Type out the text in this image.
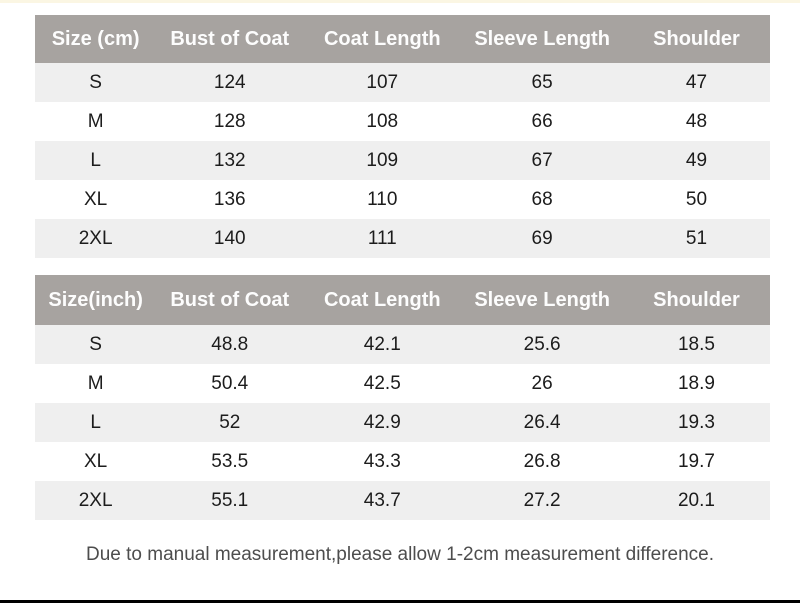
Size (cm)	Bust of Coat	Coat Length	Sleeve Length	Shoulder
S	124	107	65	47
M	128	108	66	48
L	132	109	67	49
XL	136	110	68	50
2XL	140	111	69	51
Size(inch)	Bust of Coat	Coat Length	Sleeve Length	Shoulder
S	48.8	42.1	25.6	18.5
M	50.4	42.5	26	18.9
L	52	42.9	26.4	19.3
XL	53.5	43.3	26.8	19.7
2XL	55.1	43.7	27.2	20.1
Due to manual measurement,please allow 1-2cm measurement difference.
